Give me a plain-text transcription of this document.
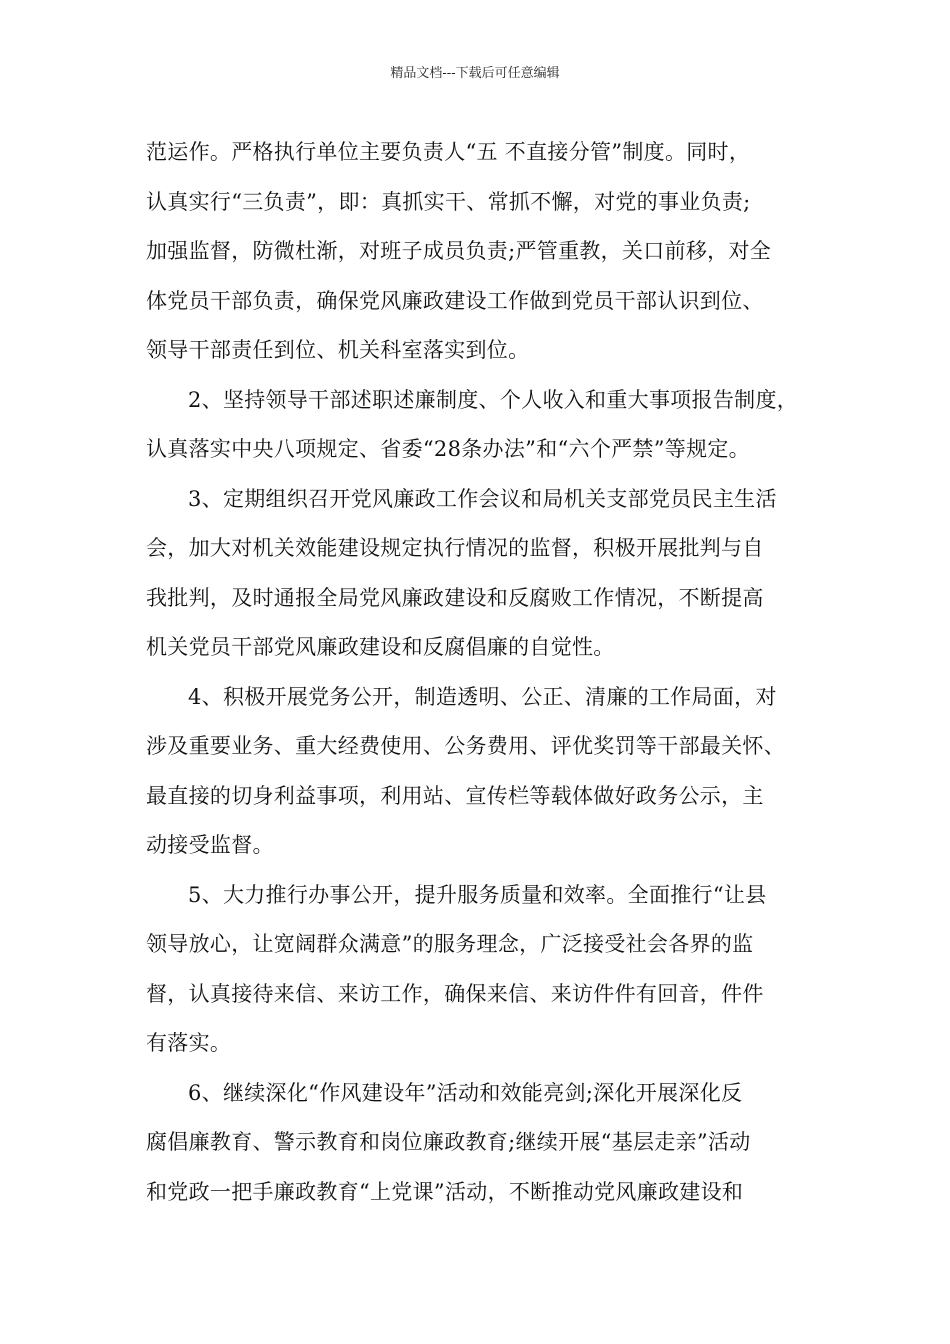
精品文档---下载后可任意编辑
范运作。严格执行单位主要负责人“五 不直接分管”制度。同时，
认真实行“三负责”，即：真抓实干、常抓不懈，对党的事业负责;
加强监督，防微杜渐，对班子成员负责;严管重教，关口前移，对全
体党员干部负责，确保党风廉政建设工作做到党员干部认识到位、
领导干部责任到位、机关科室落实到位。
2、坚持领导干部述职述廉制度、个人收入和重大事项报告制度，
认真落实中央八项规定、省委“28条办法”和“六个严禁”等规定。
3、定期组织召开党风廉政工作会议和局机关支部党员民主生活
会，加大对机关效能建设规定执行情况的监督，积极开展批判与自
我批判，及时通报全局党风廉政建设和反腐败工作情况，不断提高
机关党员干部党风廉政建设和反腐倡廉的自觉性。
4、积极开展党务公开，制造透明、公正、清廉的工作局面，对
涉及重要业务、重大经费使用、公务费用、评优奖罚等干部最关怀、
最直接的切身利益事项，利用站、宣传栏等载体做好政务公示，主
动接受监督。
5、大力推行办事公开，提升服务质量和效率。全面推行“让县
领导放心，让宽阔群众满意”的服务理念，广泛接受社会各界的监
督，认真接待来信、来访工作，确保来信、来访件件有回音，件件
有落实。
6、继续深化“作风建设年”活动和效能亮剑;深化开展深化反
腐倡廉教育、警示教育和岗位廉政教育;继续开展“基层走亲”活动
和党政一把手廉政教育“上党课”活动，不断推动党风廉政建设和
